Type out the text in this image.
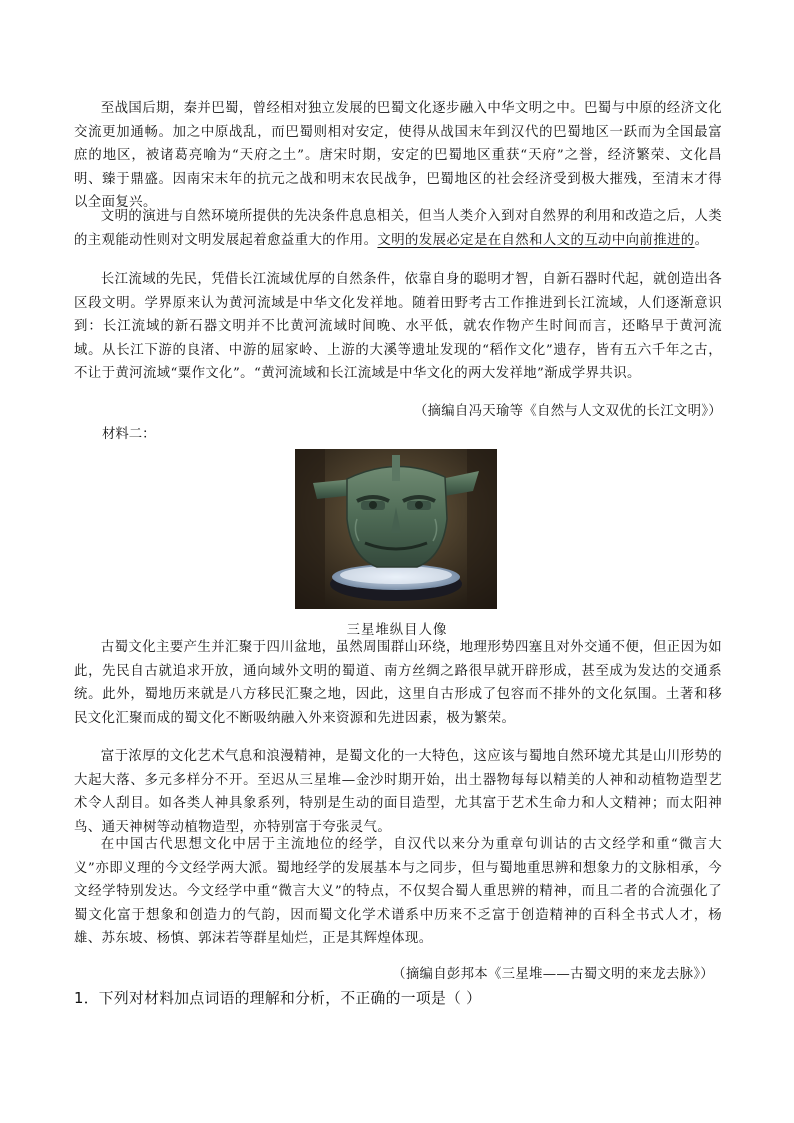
至战国后期，秦并巴蜀，曾经相对独立发展的巴蜀文化逐步融入中华文明之中。巴蜀与中原的经济文化交流更加通畅。加之中原战乱，而巴蜀则相对安定，使得从战国末年到汉代的巴蜀地区一跃而为全国最富庶的地区，被诸葛亮喻为“天府之土”。唐宋时期，安定的巴蜀地区重获“天府”之誉，经济繁荣、文化昌明、臻于鼎盛。因南宋末年的抗元之战和明末农民战争，巴蜀地区的社会经济受到极大摧残，至清末才得以全面复兴。

文明的演进与自然环境所提供的先决条件息息相关，但当人类介入到对自然界的利用和改造之后，人类的主观能动性则对文明发展起着愈益重大的作用。文明的发展必定是在自然和人文的互动中向前推进的。

长江流域的先民，凭借长江流域优厚的自然条件，依靠自身的聪明才智，自新石器时代起，就创造出各区段文明。学界原来认为黄河流域是中华文化发祥地。随着田野考古工作推进到长江流域，人们逐渐意识到：长江流域的新石器文明并不比黄河流域时间晚、水平低，就农作物产生时间而言，还略早于黄河流域。从长江下游的良渚、中游的屈家岭、上游的大溪等遗址发现的“稻作文化”遗存，皆有五六千年之古，不让于黄河流域“粟作文化”。“黄河流域和长江流域是中华文化的两大发祥地”渐成学界共识。

（摘编自冯天瑜等《自然与人文双优的长江文明》）
材料二：
三星堆纵目人像

古蜀文化主要产生并汇聚于四川盆地，虽然周围群山环绕，地理形势四塞且对外交通不便，但正因为如此，先民自古就追求开放，通向域外文明的蜀道、南方丝绸之路很早就开辟形成，甚至成为发达的交通系统。此外，蜀地历来就是八方移民汇聚之地，因此，这里自古形成了包容而不排外的文化氛围。土著和移民文化汇聚而成的蜀文化不断吸纳融入外来资源和先进因素，极为繁荣。

富于浓厚的文化艺术气息和浪漫精神，是蜀文化的一大特色，这应该与蜀地自然环境尤其是山川形势的大起大落、多元多样分不开。至迟从三星堆—金沙时期开始，出土器物每每以精美的人神和动植物造型艺术令人刮目。如各类人神具象系列，特别是生动的面目造型，尤其富于艺术生命力和人文精神；而太阳神鸟、通天神树等动植物造型，亦特别富于夸张灵气。

在中国古代思想文化中居于主流地位的经学，自汉代以来分为重章句训诂的古文经学和重“微言大义”亦即义理的今文经学两大派。蜀地经学的发展基本与之同步，但与蜀地重思辨和想象力的文脉相承，今文经学特别发达。今文经学中重“微言大义”的特点，不仅契合蜀人重思辨的精神，而且二者的合流强化了蜀文化富于想象和创造力的气韵，因而蜀文化学术谱系中历来不乏富于创造精神的百科全书式人才，杨雄、苏东坡、杨慎、郭沫若等群星灿烂，正是其辉煌体现。

（摘编自彭邦本《三星堆——古蜀文明的来龙去脉》）
1．下列对材料加点词语的理解和分析，不正确的一项是（ ）
